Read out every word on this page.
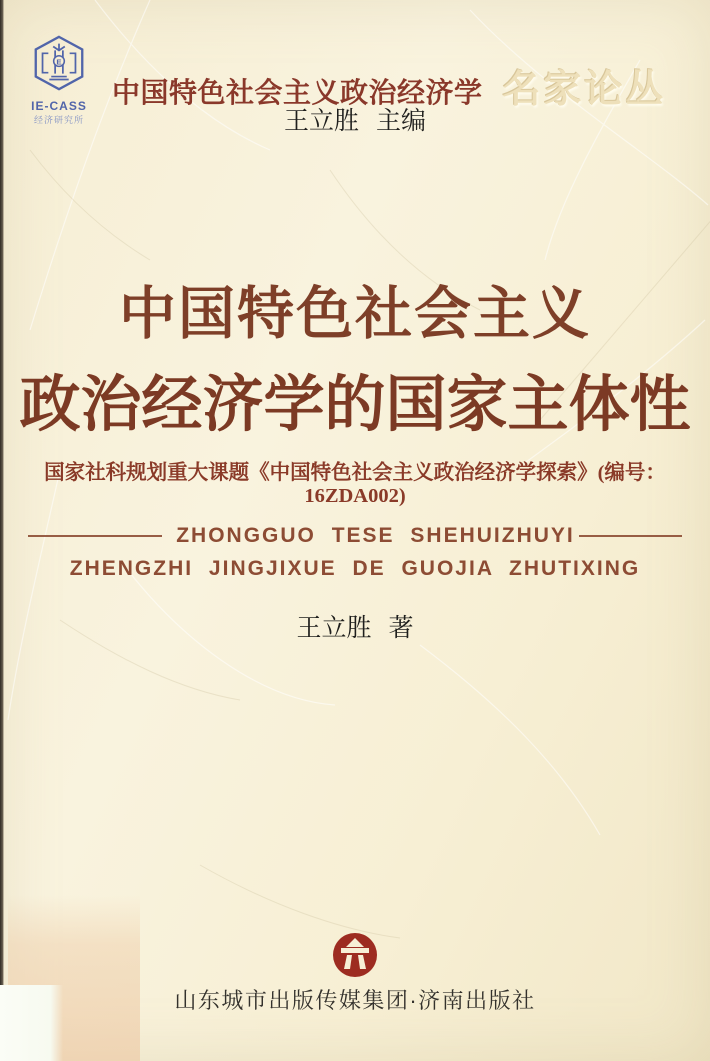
E
IE-CASS
经济研究所
中国特色社会主义政治经济学 名家论丛
王立胜 主编
中国特色社会主义
政治经济学的国家主体性

国家社科规划重大课题《中国特色社会主义政治经济学探索》(编号：16ZDA002)

ZHONGGUO TESE SHEHUIZHUYI
ZHENGZHI JINGJIXUE DE GUOJIA ZHUTIXING
王立胜 著
山东城市出版传媒集团·济南出版社
